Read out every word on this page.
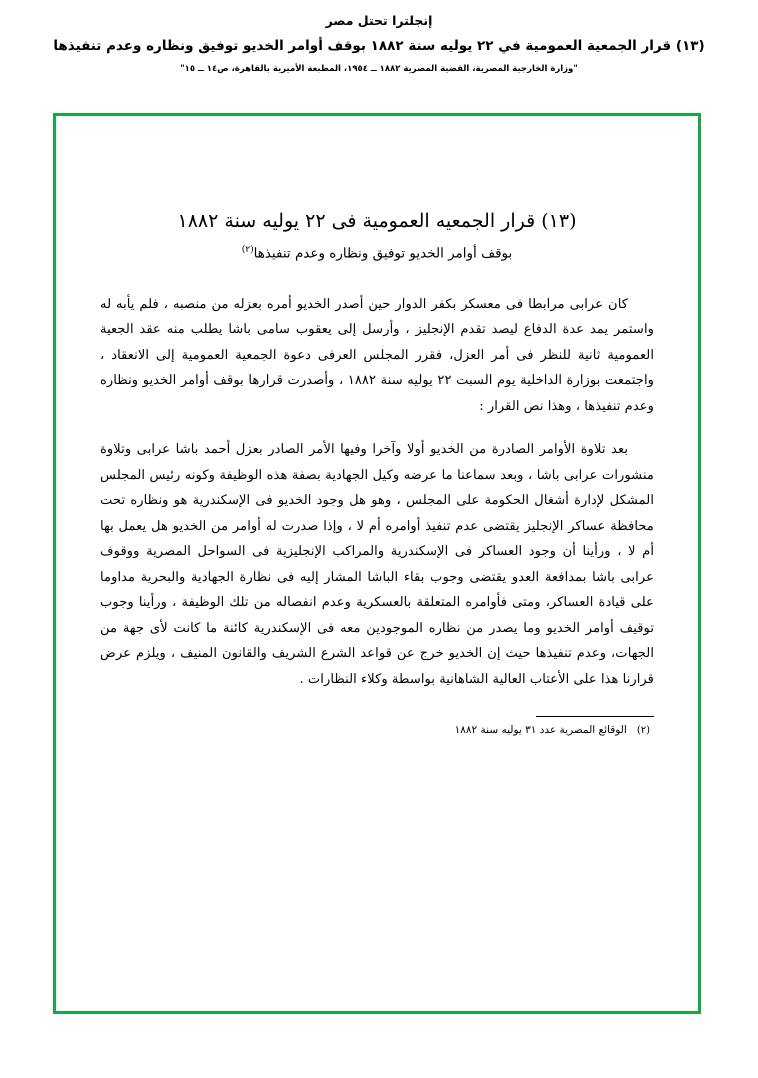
إنجلترا تحتل مصر
(١٣) قرار الجمعية العمومية في ٢٢ يوليه سنة ١٨٨٢ بوقف أوامر الخديو توفيق ونظاره وعدم تنفيذها
"وزارة الخارجية المصرية، القضية المصرية ١٨٨٢ ــ ١٩٥٤، المطبعة الأميرية بالقاهرة، ص١٤ ــ ١٥"
(١٣) قرار الجمعيه العمومية فى ٢٢ يوليه سنة ١٨٨٢
بوقف أوامر الخديو توفيق ونظاره وعدم تنفيذها$^{(٢)}$

كان عرابى مرابطا فى معسكر بكفر الدوار حين أصدر الخديو أمره بعزله من منصبه ، فلم يأبه له واستمر يمد عدة الدفاع ليصد تقدم الإنجليز ، وأرسل إلى يعقوب سامى باشا يطلب منه عقد الجعية العمومية ثانية للنظر فى أمر العزل، فقرر المجلس العرفى دعوة الجمعية العمومية إلى الانعقاد ، واجتمعت بوزارة الداخلية يوم السبت ٢٢ يوليه سنة ١٨٨٢ ، وأصدرت قرارها بوقف أوامر الخديو ونظاره وعدم تنفيذها ، وهذا نص القرار :

بعد تلاوة الأوامر الصادرة من الخديو أولا وآخرا وفيها الأمر الصادر بعزل أحمد باشا عرابى وتلاوة منشورات عرابى باشا ، وبعد سماعنا ما عرضه وكيل الجهادية بصفة هذه الوظيفة وكونه رئيس المجلس المشكل لإدارة أشغال الحكومة على المجلس ، وهو هل وجود الخديو فى الإسكندرية هو ونظاره تحت محافظة عساكر الإنجليز يقتضى عدم تنفيذ أوامره أم لا ، وإذا صدرت له أوامر من الخديو هل يعمل بها أم لا ، ورأينا أن وجود العساكر فى الإسكندرية والمراكب الإنجليزية فى السواحل المصرية ووقوف عرابى باشا بمدافعة العدو يقتضى وجوب بقاء الباشا المشار إليه فى نظارة الجهادية والبحرية مداوما على قيادة العساكر، ومتى فأوامره المتعلقة بالعسكرية وعدم انفصاله من تلك الوظيفة ، ورأينا وجوب توقيف أوامر الخديو وما يصدر من نظاره الموجودين معه فى الإسكندرية كائنة ما كانت لأى جهة من الجهات، وعدم تنفيذها حيث إن الخديو خرج عن قواعد الشرع الشريف والقانون المنيف ، ويلزم عرض قرارنا هذا على الأعتاب العالية الشاهانية بواسطة وكلاء النظارات .

(٢)   الوقائع المصرية عدد ٣١ يوليه سنة ١٨٨٢
